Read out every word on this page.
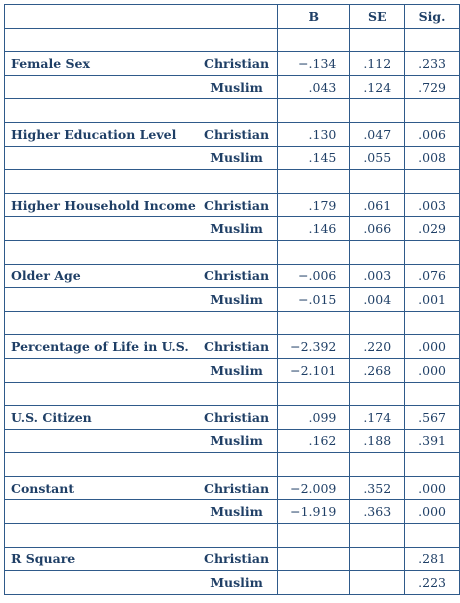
		B	SE	Sig.

Female Sex	Christian	−.134	.112	.233
	Muslim	.043	.124	.729

Higher Education Level	Christian	.130	.047	.006
	Muslim	.145	.055	.008

Higher Household Income	Christian	.179	.061	.003
	Muslim	.146	.066	.029

Older Age	Christian	−.006	.003	.076
	Muslim	−.015	.004	.001

Percentage of Life in U.S.	Christian	−2.392	.220	.000
	Muslim	−2.101	.268	.000

U.S. Citizen	Christian	.099	.174	.567
	Muslim	.162	.188	.391

Constant	Christian	−2.009	.352	.000
	Muslim	−1.919	.363	.000

R Square	Christian			.281
	Muslim			.223
